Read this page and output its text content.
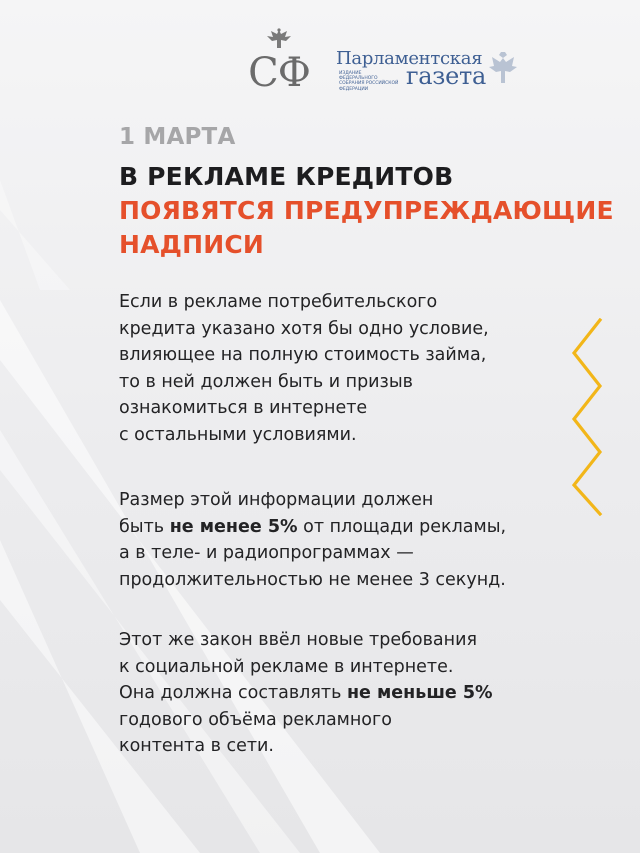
СФ Парламентская
ИЗДАНИЕ ФЕДЕРАЛЬНОГО СОБРАНИЯ РОССИЙСКОЙ ФЕДЕРАЦИИ	газета
1 МАРТА
В РЕКЛАМЕ КРЕДИТОВ
ПОЯВЯТСЯ ПРЕДУПРЕЖДАЮЩИЕ
НАДПИСИ
Если в рекламе потребительского
кредита указано хотя бы одно условие,
влияющее на полную стоимость займа,
то в ней должен быть и призыв
ознакомиться в интернете
с остальными условиями.
Размер этой информации должен
быть не менее 5% от площади рекламы,
а в теле- и радиопрограммах —
продолжительностью не менее 3 секунд.
Этот же закон ввёл новые требования
к социальной рекламе в интернете.
Она должна составлять не меньше 5%
годового объёма рекламного
контента в сети.
